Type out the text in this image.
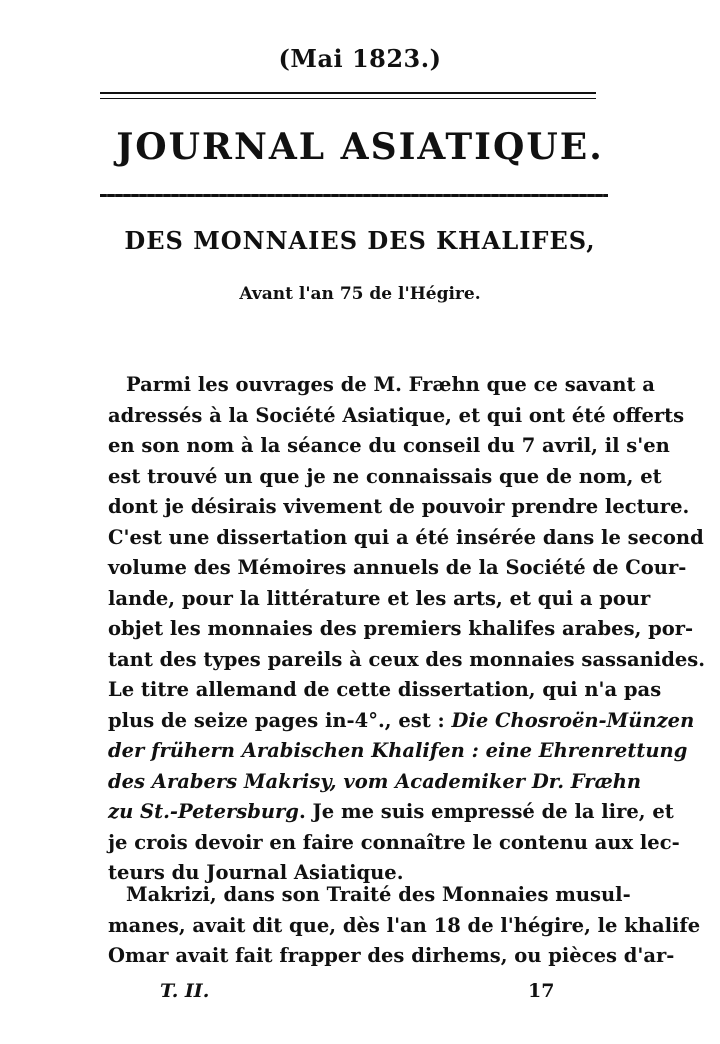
(Mai 1823.)
JOURNAL ASIATIQUE.
DES MONNAIES DES KHALIFES,
Avant l'an 75 de l'Hégire.
Parmi les ouvrages de M. Fræhn que ce savant a
adressés à la Société Asiatique, et qui ont été offerts
en son nom à la séance du conseil du 7 avril, il s'en
est trouvé un que je ne connaissais que de nom, et
dont je désirais vivement de pouvoir prendre lecture.
C'est une dissertation qui a été insérée dans le second
volume des Mémoires annuels de la Société de Cour-
lande, pour la littérature et les arts, et qui a pour
objet les monnaies des premiers khalifes arabes, por-
tant des types pareils à ceux des monnaies sassanides.
Le titre allemand de cette dissertation, qui n'a pas
plus de seize pages in-4°., est : Die Chosroën-Münzen
der frühern Arabischen Khalifen : eine Ehrenrettung
des Arabers Makrisy, vom Academiker Dr. Fræhn
zu St.-Petersburg. Je me suis empressé de la lire, et
je crois devoir en faire connaître le contenu aux lec-
teurs du Journal Asiatique.
Makrizi, dans son Traité des Monnaies musul-
manes, avait dit que, dès l'an 18 de l'hégire, le khalife
Omar avait fait frapper des dirhems, ou pièces d'ar-
T. II.	17
